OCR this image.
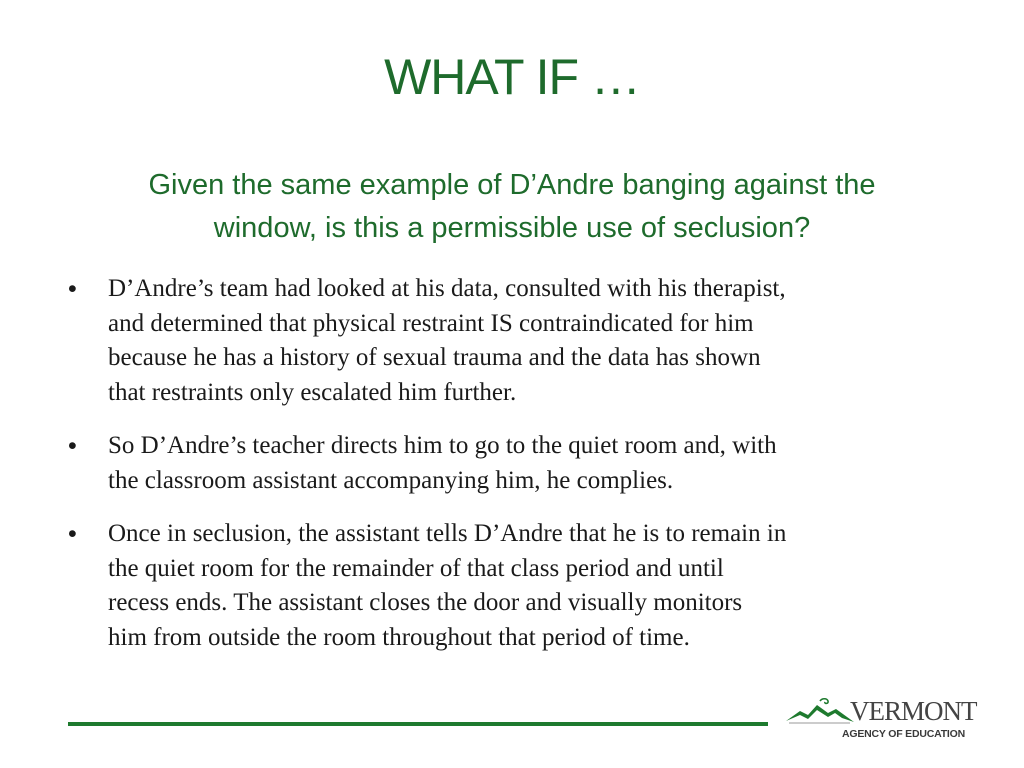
WHAT IF …
Given the same example of D’Andre banging against the
window, is this a permissible use of seclusion?
•	D’Andre’s team had looked at his data, consulted with his therapist,
and determined that physical restraint IS contraindicated for him
because he has a history of sexual trauma and the data has shown
that restraints only escalated him further.
•	So D’Andre’s teacher directs him to go to the quiet room and, with
the classroom assistant accompanying him, he complies.
•	Once in seclusion, the assistant tells D’Andre that he is to remain in
the quiet room for the remainder of that class period and until
recess ends. The assistant closes the door and visually monitors
him from outside the room throughout that period of time.
VERMONT
AGENCY OF EDUCATION
